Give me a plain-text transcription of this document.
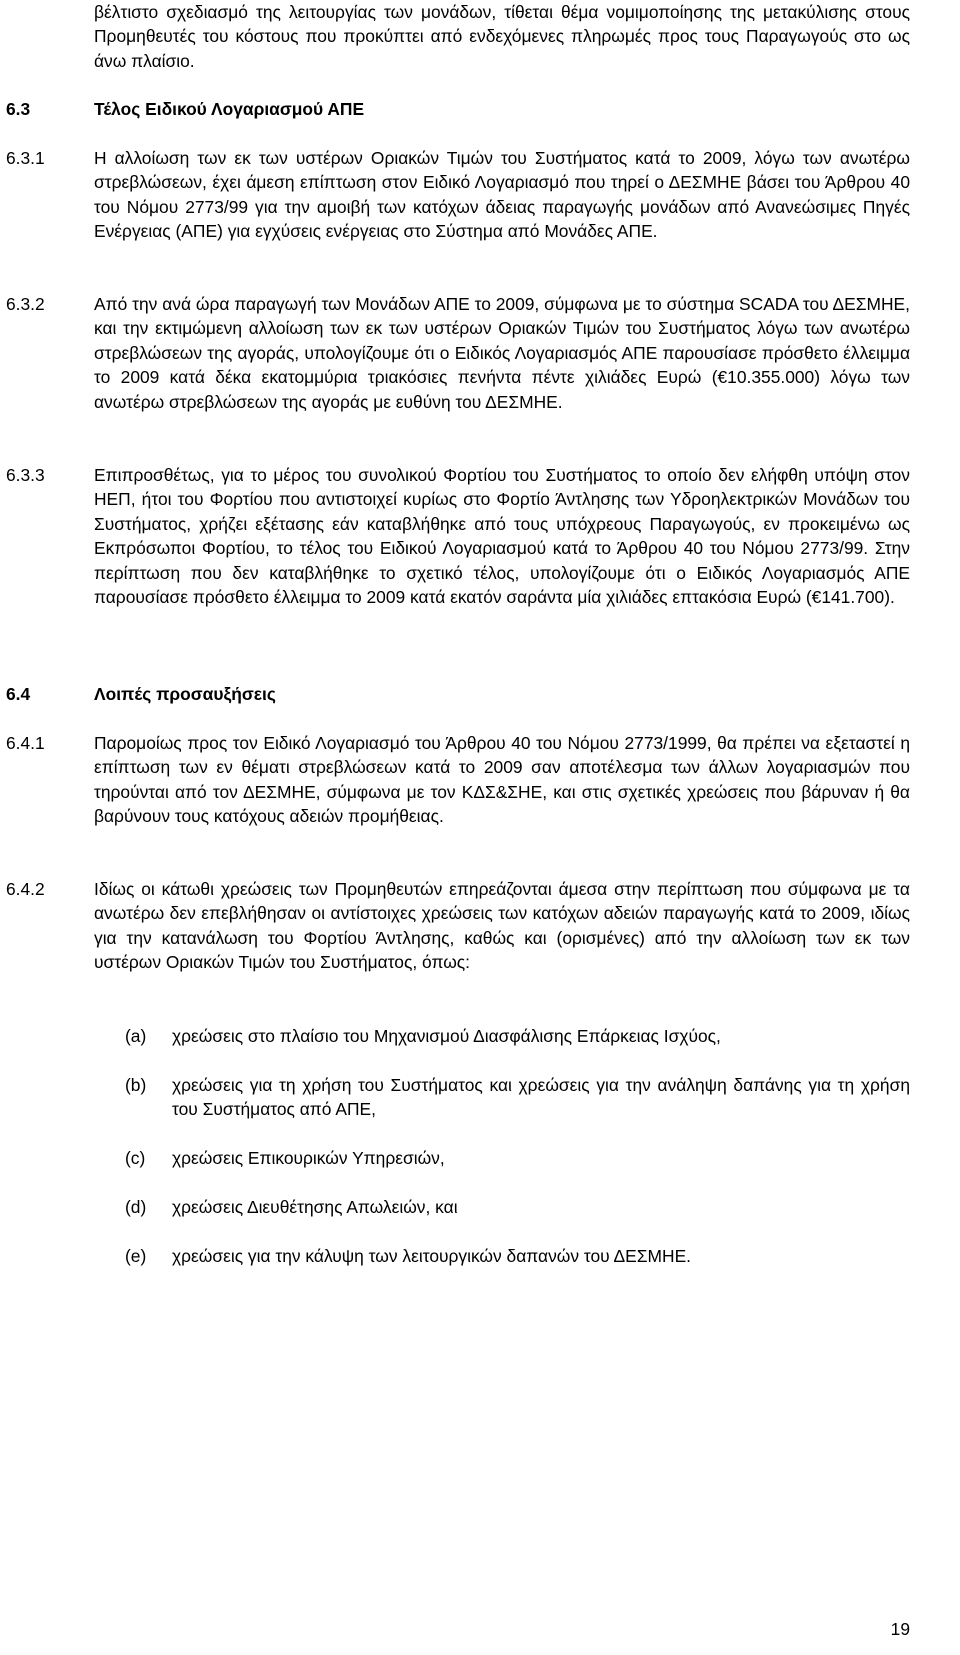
βέλτιστο σχεδιασμό της λειτουργίας των μονάδων, τίθεται θέμα νομιμοποίησης της μετακύλισης στους Προμηθευτές του κόστους που προκύπτει από ενδεχόμενες πληρωμές προς τους Παραγωγούς στο ως άνω πλαίσιο.
6.3	Τέλος Ειδικού Λογαριασμού ΑΠΕ
6.3.1	Η αλλοίωση των εκ των υστέρων Οριακών Τιμών του Συστήματος κατά το 2009, λόγω των ανωτέρω στρεβλώσεων, έχει άμεση επίπτωση στον Ειδικό Λογαριασμό που τηρεί ο ΔΕΣΜΗΕ βάσει του Άρθρου 40 του Νόμου 2773/99 για την αμοιβή των κατόχων άδειας παραγωγής μονάδων από Ανανεώσιμες Πηγές Ενέργειας (ΑΠΕ) για εγχύσεις ενέργειας στο Σύστημα από Μονάδες ΑΠΕ.
6.3.2	Από την ανά ώρα παραγωγή των Μονάδων ΑΠΕ το 2009, σύμφωνα με το σύστημα SCADA του ΔΕΣΜΗΕ, και την εκτιμώμενη αλλοίωση των εκ των υστέρων Οριακών Τιμών του Συστήματος λόγω των ανωτέρω στρεβλώσεων της αγοράς, υπολογίζουμε ότι ο Ειδικός Λογαριασμός ΑΠΕ παρουσίασε πρόσθετο έλλειμμα το 2009 κατά δέκα εκατομμύρια τριακόσιες πενήντα πέντε χιλιάδες Ευρώ (€10.355.000) λόγω των ανωτέρω στρεβλώσεων της αγοράς με ευθύνη του ΔΕΣΜΗΕ.
6.3.3	Επιπροσθέτως, για το μέρος του συνολικού Φορτίου του Συστήματος το οποίο δεν ελήφθη υπόψη στον ΗΕΠ, ήτοι του Φορτίου που αντιστοιχεί κυρίως στο Φορτίο Άντλησης των Υδροηλεκτρικών Μονάδων του Συστήματος, χρήζει εξέτασης εάν καταβλήθηκε από τους υπόχρεους Παραγωγούς, εν προκειμένω ως Εκπρόσωποι Φορτίου, το τέλος του Ειδικού Λογαριασμού κατά το Άρθρου 40 του Νόμου 2773/99. Στην περίπτωση που δεν καταβλήθηκε το σχετικό τέλος, υπολογίζουμε ότι ο Ειδικός Λογαριασμός ΑΠΕ παρουσίασε πρόσθετο έλλειμμα το 2009 κατά εκατόν σαράντα μία χιλιάδες επτακόσια Ευρώ (€141.700).
6.4	Λοιπές προσαυξήσεις
6.4.1	Παρομοίως προς τον Ειδικό Λογαριασμό του Άρθρου 40 του Νόμου 2773/1999, θα πρέπει να εξεταστεί η επίπτωση των εν θέματι στρεβλώσεων κατά το 2009 σαν αποτέλεσμα των άλλων λογαριασμών που τηρούνται από τον ΔΕΣΜΗΕ, σύμφωνα με τον ΚΔΣ&ΣΗΕ, και στις σχετικές χρεώσεις που βάρυναν ή θα βαρύνουν τους κατόχους αδειών προμήθειας.
6.4.2	Ιδίως οι κάτωθι χρεώσεις των Προμηθευτών επηρεάζονται άμεσα στην περίπτωση που σύμφωνα με τα ανωτέρω δεν επεβλήθησαν οι αντίστοιχες χρεώσεις των κατόχων αδειών παραγωγής κατά το 2009, ιδίως για την κατανάλωση του Φορτίου Άντλησης, καθώς και (ορισμένες) από την αλλοίωση των εκ των υστέρων Οριακών Τιμών του Συστήματος, όπως:
(a) χρεώσεις στο πλαίσιο του Μηχανισμού Διασφάλισης Επάρκειας Ισχύος,
(b) χρεώσεις για τη χρήση του Συστήματος και χρεώσεις για την ανάληψη δαπάνης για τη χρήση του Συστήματος από ΑΠΕ,
(c) χρεώσεις Επικουρικών Υπηρεσιών,
(d) χρεώσεις Διευθέτησης Απωλειών, και
(e) χρεώσεις για την κάλυψη των λειτουργικών δαπανών του ΔΕΣΜΗΕ.
19
